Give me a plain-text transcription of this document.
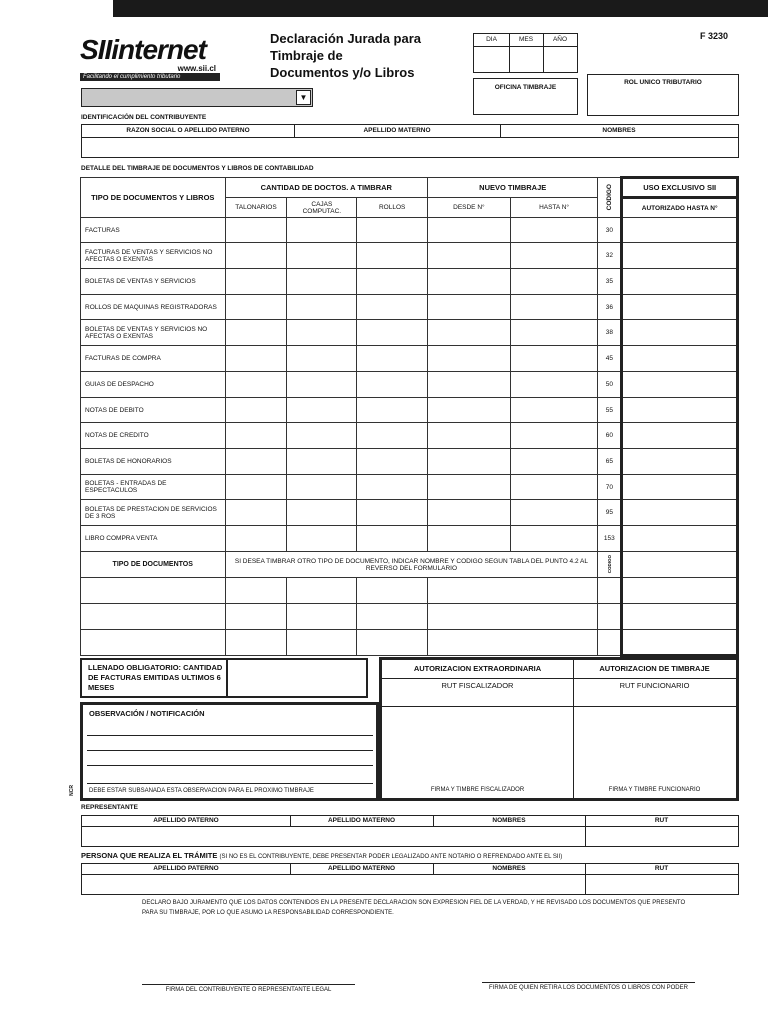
SIIinternet
www.sii.cl
Facilitando el cumplimiento tributario
▼
Declaración Jurada para
Timbraje de
Documentos y/o Libros
DIA	MES	AÑO	F 3230
OFICINA TIMBRAJE
ROL UNICO TRIBUTARIO
IDENTIFICACIÓN DEL CONTRIBUYENTE
RAZON SOCIAL O APELLIDO PATERNO	APELLIDO MATERNO	NOMBRES
DETALLE DEL TIMBRAJE DE DOCUMENTOS Y LIBROS DE CONTABILIDAD
TIPO DE DOCUMENTOS Y LIBROS	CANTIDAD DE DOCTOS. A TIMBRAR			NUEVO TIMBRAJE		CODIGO	USO EXCLUSIVO SII
	TALONARIOS	CAJAS COMPUTAC.	ROLLOS	DESDE N°	HASTA N°		AUTORIZADO HASTA N°
FACTURAS						30	
FACTURAS DE VENTAS Y SERVICIOS NO AFECTAS O EXENTAS						32	
BOLETAS DE VENTAS Y SERVICIOS						35	
ROLLOS DE MAQUINAS REGISTRADORAS						36	
BOLETAS DE VENTAS Y SERVICIOS NO AFECTAS O EXENTAS						38	
FACTURAS DE COMPRA						45	
GUIAS DE DESPACHO						50	
NOTAS DE DEBITO						55	
NOTAS DE CREDITO						60	
BOLETAS DE HONORARIOS						65	
BOLETAS - ENTRADAS DE ESPECTACULOS						70	
BOLETAS DE PRESTACION DE SERVICIOS DE 3 ROS						95	
LIBRO COMPRA VENTA						153	
TIPO DE DOCUMENTOS	SI DESEA TIMBRAR OTRO TIPO DE DOCUMENTO, INDICAR NOMBRE Y CODIGO SEGUN TABLA DEL PUNTO 4.2 AL REVERSO DEL FORMULARIO					CODIGO	

LLENADO OBLIGATORIO: CANTIDAD DE FACTURAS EMITIDAS ULTIMOS 6 MESES
AUTORIZACION EXTRAORDINARIA	AUTORIZACION DE TIMBRAJE
RUT FISCALIZADOR	RUT FUNCIONARIO
FIRMA Y TIMBRE FISCALIZADOR	FIRMA Y TIMBRE FUNCIONARIO
OBSERVACIÓN / NOTIFICACIÓN
DEBE ESTAR SUBSANADA ESTA OBSERVACION PARA EL PROXIMO TIMBRAJE
NCR
REPRESENTANTE
APELLIDO PATERNO	APELLIDO MATERNO	NOMBRES	RUT
PERSONA QUE REALIZA EL TRÁMITE (SI NO ES EL CONTRIBUYENTE, DEBE PRESENTAR PODER LEGALIZADO ANTE NOTARIO O REFRENDADO ANTE EL SII)
APELLIDO PATERNO	APELLIDO MATERNO	NOMBRES	RUT
DECLARO BAJO JURAMENTO QUE LOS DATOS CONTENIDOS EN LA PRESENTE DECLARACION SON EXPRESION FIEL DE LA VERDAD, Y HE REVISADO LOS DOCUMENTOS QUE PRESENTO PARA SU TIMBRAJE, POR LO QUE ASUMO LA RESPONSABILIDAD CORRESPONDIENTE.
FIRMA DEL CONTRIBUYENTE O REPRESENTANTE LEGAL	FIRMA DE QUIEN RETIRA LOS DOCUMENTOS O LIBROS CON PODER
